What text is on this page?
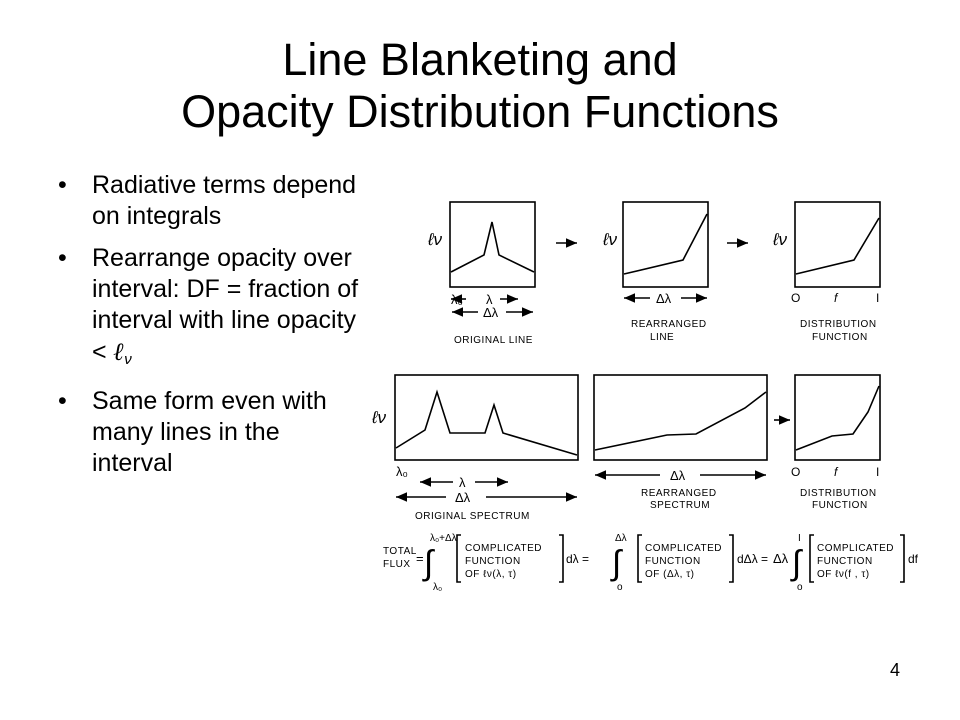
Line Blanketing and
Opacity Distribution Functions
• Radiative terms depend on integrals
• Rearrange opacity over interval: DF = fraction of interval with line opacity < ℓ$_\nu$
• Same form even with many lines in the interval
ℓν	ℓν	ℓν
ℓν
λ₀ λ
Δλ
ORIGINAL LINE
Δλ
REARRANGED
LINE
O	f	I
DISTRIBUTION
FUNCTION
λ₀
λ
Δλ
ORIGINAL SPECTRUM
Δλ
REARRANGED
SPECTRUM
O	f	I
DISTRIBUTION
FUNCTION
TOTAL
FLUX =
λ₀+Δλ
∫
λ₀
COMPLICATED
FUNCTION
OF ℓν(λ, τ)
dλ =
Δλ
∫
o
COMPLICATED
FUNCTION
OF (Δλ, τ)
dΔλ = Δλ
I
∫
o
COMPLICATED
FUNCTION
OF ℓν(f , τ)
df
4
